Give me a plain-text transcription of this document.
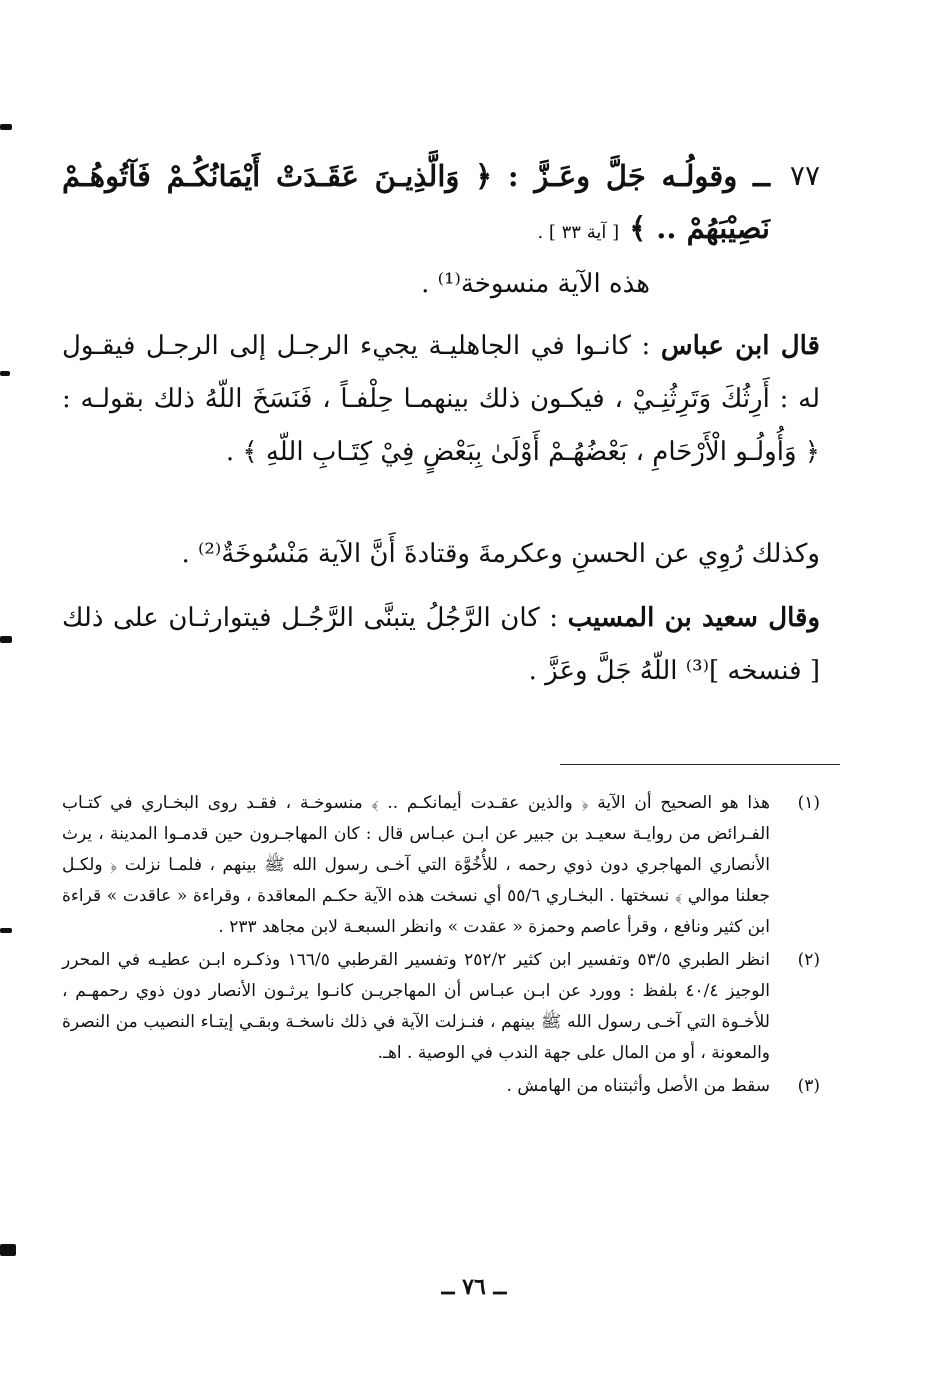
٧٧
ــ وقولُـه جَلَّ وعَـزَّ : ﴿ وَالَّذِيـنَ عَقَـدَتْ أَيْمَانُكُـمْ فَآتُوهُـمْ نَصِيْبَهُمْ .. ﴾ [ آية ٣٣ ] .
هذه الآية منسوخة⁽¹⁾ .
قال ابن عباس : كانـوا في الجاهليـة يجيء الرجـل إلى الرجـل فيقـول له : أَرِثُكَ وَتَرِثُنِـيْ ، فيكـون ذلك بينهمـا حِلْفـاً ، فَنَسَخَ اللّهُ ذلك بقولـه : ﴿ وَأُولُـو الْأَرْحَامِ ، بَعْضُهُـمْ أَوْلَىٰ بِبَعْضٍ فِيْ كِتَـابِ اللّهِ ﴾ .
وكذلك رُوِي عن الحسنِ وعكرمةَ وقتادةَ أَنَّ الآية مَنْسُوخَةٌ⁽²⁾ .
وقال سعيد بن المسيب : كان الرَّجُلُ يتبنَّى الرَّجُـل فيتوارثـان على ذلك [ فنسخه ]⁽³⁾ اللّهُ جَلَّ وعَزَّ .
(١)
هذا هو الصحيح أن الآية ﴿ والذين عقـدت أيمانكـم .. ﴾ منسوخـة ، فقـد روى البخـاري في كتـاب الفـرائض من روايـة سعيـد بن جبير عن ابـن عبـاس قال : كان المهاجـرون حين قدمـوا المدينة ، يرث الأنصاري المهاجري دون ذوي رحمه ، للأُخُوَّة التي آخـى رسول الله ﷺ بينهم ، فلمـا نزلت ﴿ ولكـل جعلنا موالي ﴾ نسختها . البخـاري ٥٥/٦ أي نسخت هذه الآية حكـم المعاقدة ، وقراءة « عاقدت » قراءة ابن كثير ونافع ، وقرأ عاصم وحمزة « عقدت » وانظر السبعـة لابن مجاهد ٢٣٣ .
(٢)
انظر الطبري ٥٣/٥ وتفسير ابن كثير ٢٥٢/٢ وتفسير القرطبي ١٦٦/٥ وذكـره ابـن عطيـه في المحرر الوجيز ٤٠/٤ بلفظ : وورد عن ابـن عبـاس أن المهاجريـن كانـوا يرثـون الأنصار دون ذوي رحمهـم ، للأخـوة التي آخـى رسول الله ﷺ بينهم ، فنـزلت الآية في ذلك ناسخـة وبقـي إيتـاء النصيب من النصرة والمعونة ، أو من المال على جهة الندب في الوصية . اهـ.
(٣)
سقط من الأصل وأثبتناه من الهامش .
ــ ٧٦ ــ
